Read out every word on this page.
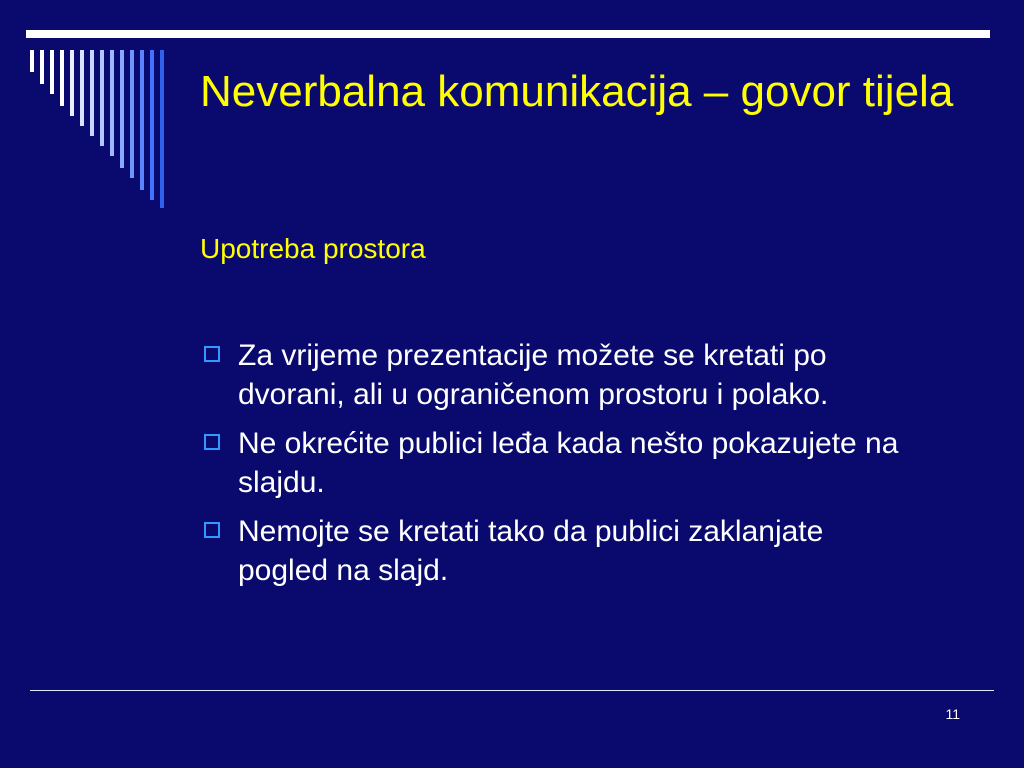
Neverbalna komunikacija – govor tijela
Upotreba prostora
Za vrijeme prezentacije možete se kretati po dvorani, ali u ograničenom prostoru i polako.
Ne okrećite publici leđa kada nešto pokazujete na slajdu.
Nemojte se kretati tako da publici zaklanjate pogled na slajd.
11
